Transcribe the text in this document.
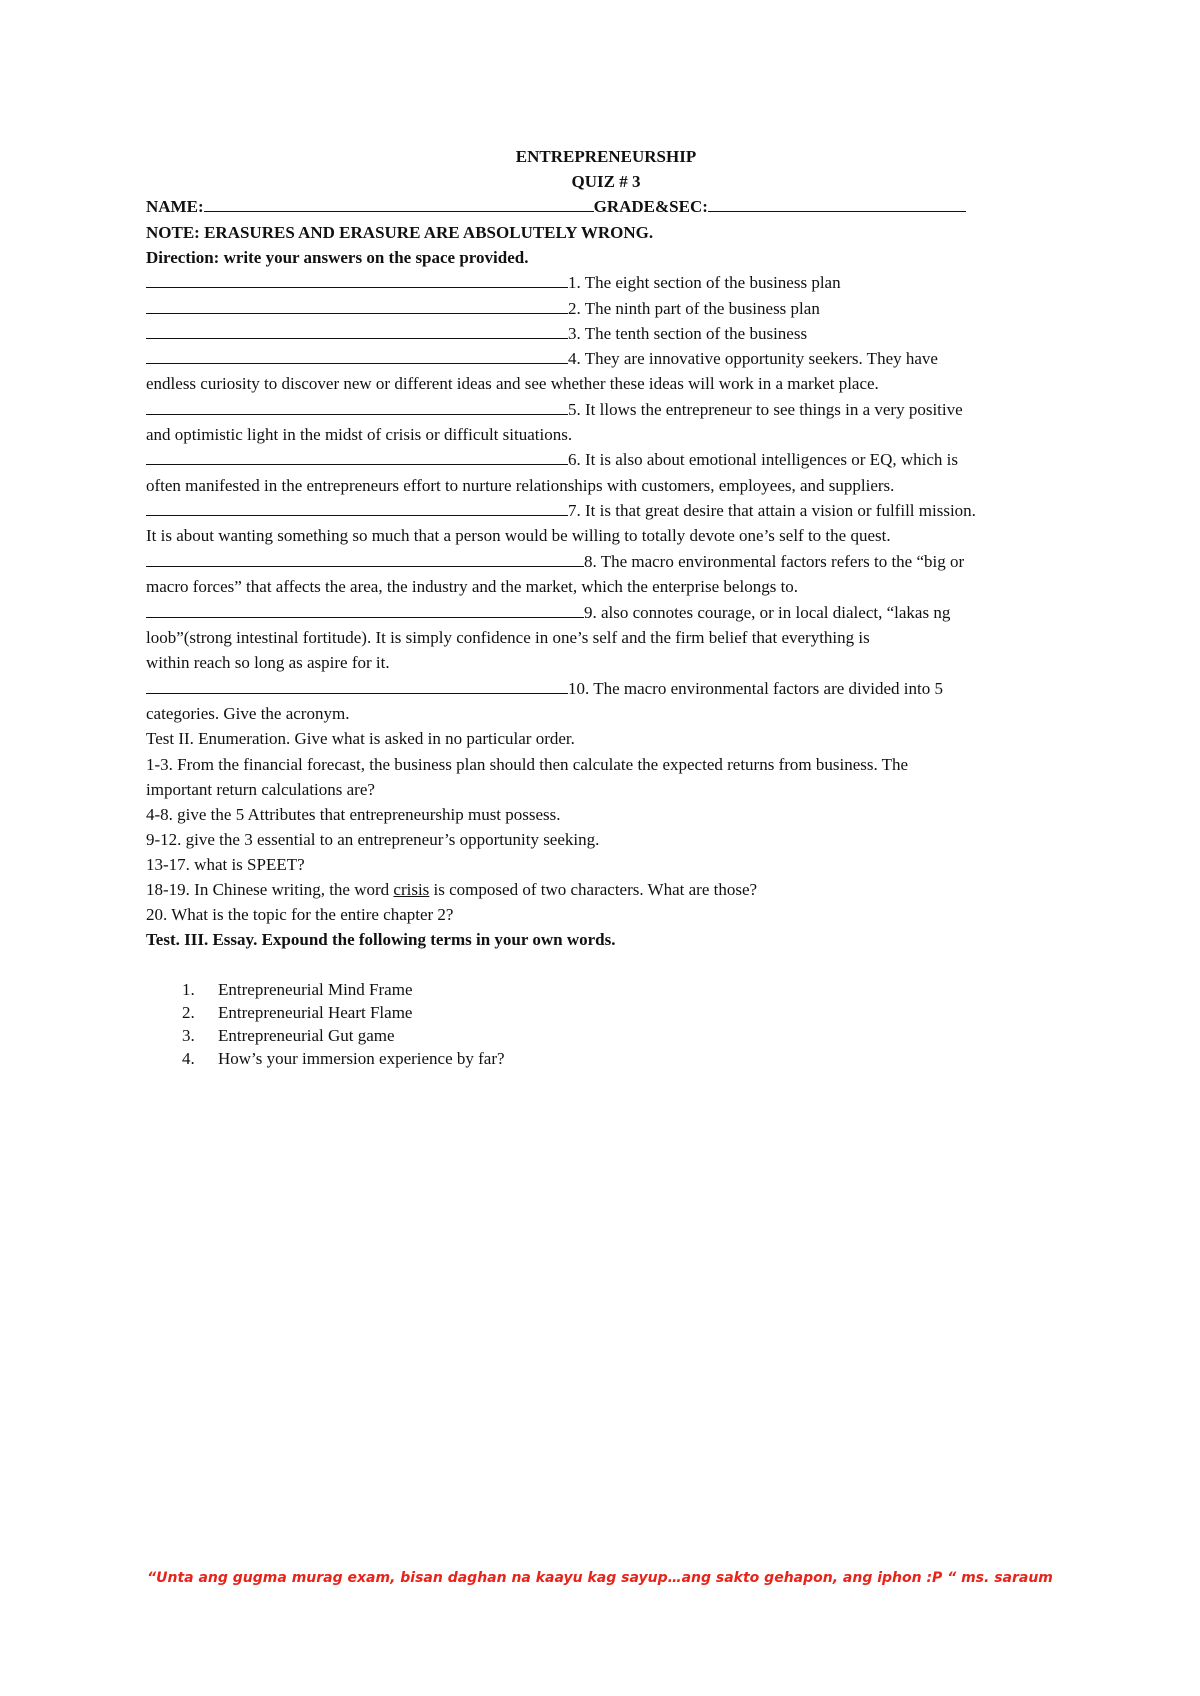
ENTREPRENEURSHIP
QUIZ # 3
NAME:	GRADE&SEC:
NOTE: ERASURES AND ERASURE ARE ABSOLUTELY WRONG.
Direction: write your answers on the space provided.
1. The eight section of the business plan
2. The ninth part of the business plan
3. The tenth section of the business
4. They are innovative opportunity seekers. They have
endless curiosity to discover new or different ideas and see whether these ideas will work in a market place.
5. It llows the entrepreneur to see things in a very positive
and optimistic light in the midst of crisis or difficult situations.
6. It is also about emotional intelligences or EQ, which is
often manifested in the entrepreneurs effort to nurture relationships with customers, employees, and suppliers.
7. It is that great desire that attain a vision or fulfill mission.
It is about wanting something so much that a person would be willing to totally devote one’s self to the quest.
8. The macro environmental factors refers to the “big or
macro forces” that affects the area, the industry and the market, which the enterprise belongs to.
9. also connotes courage, or in local dialect, “lakas ng
loob”(strong intestinal fortitude). It is simply confidence in one’s self and the firm belief that everything is
within reach so long as aspire for it.
10. The macro environmental factors are divided into 5
categories. Give the acronym.
Test II. Enumeration. Give what is asked in no particular order.
1-3. From the financial forecast, the business plan should then calculate the expected returns from business. The
important return calculations are?
4-8. give the 5 Attributes that entrepreneurship must possess.
9-12. give the 3 essential to an entrepreneur’s opportunity seeking.
13-17. what is SPEET?
18-19. In Chinese writing, the word crisis is composed of two characters. What are those?
20. What is the topic for the entire chapter 2?
Test. III. Essay. Expound the following terms in your own words.
1. Entrepreneurial Mind Frame
2. Entrepreneurial Heart Flame
3. Entrepreneurial Gut game
4. How’s your immersion experience by far?
“Unta ang gugma murag exam, bisan daghan na kaayu kag sayup…ang sakto gehapon, ang iphon :P “ ms. saraum
